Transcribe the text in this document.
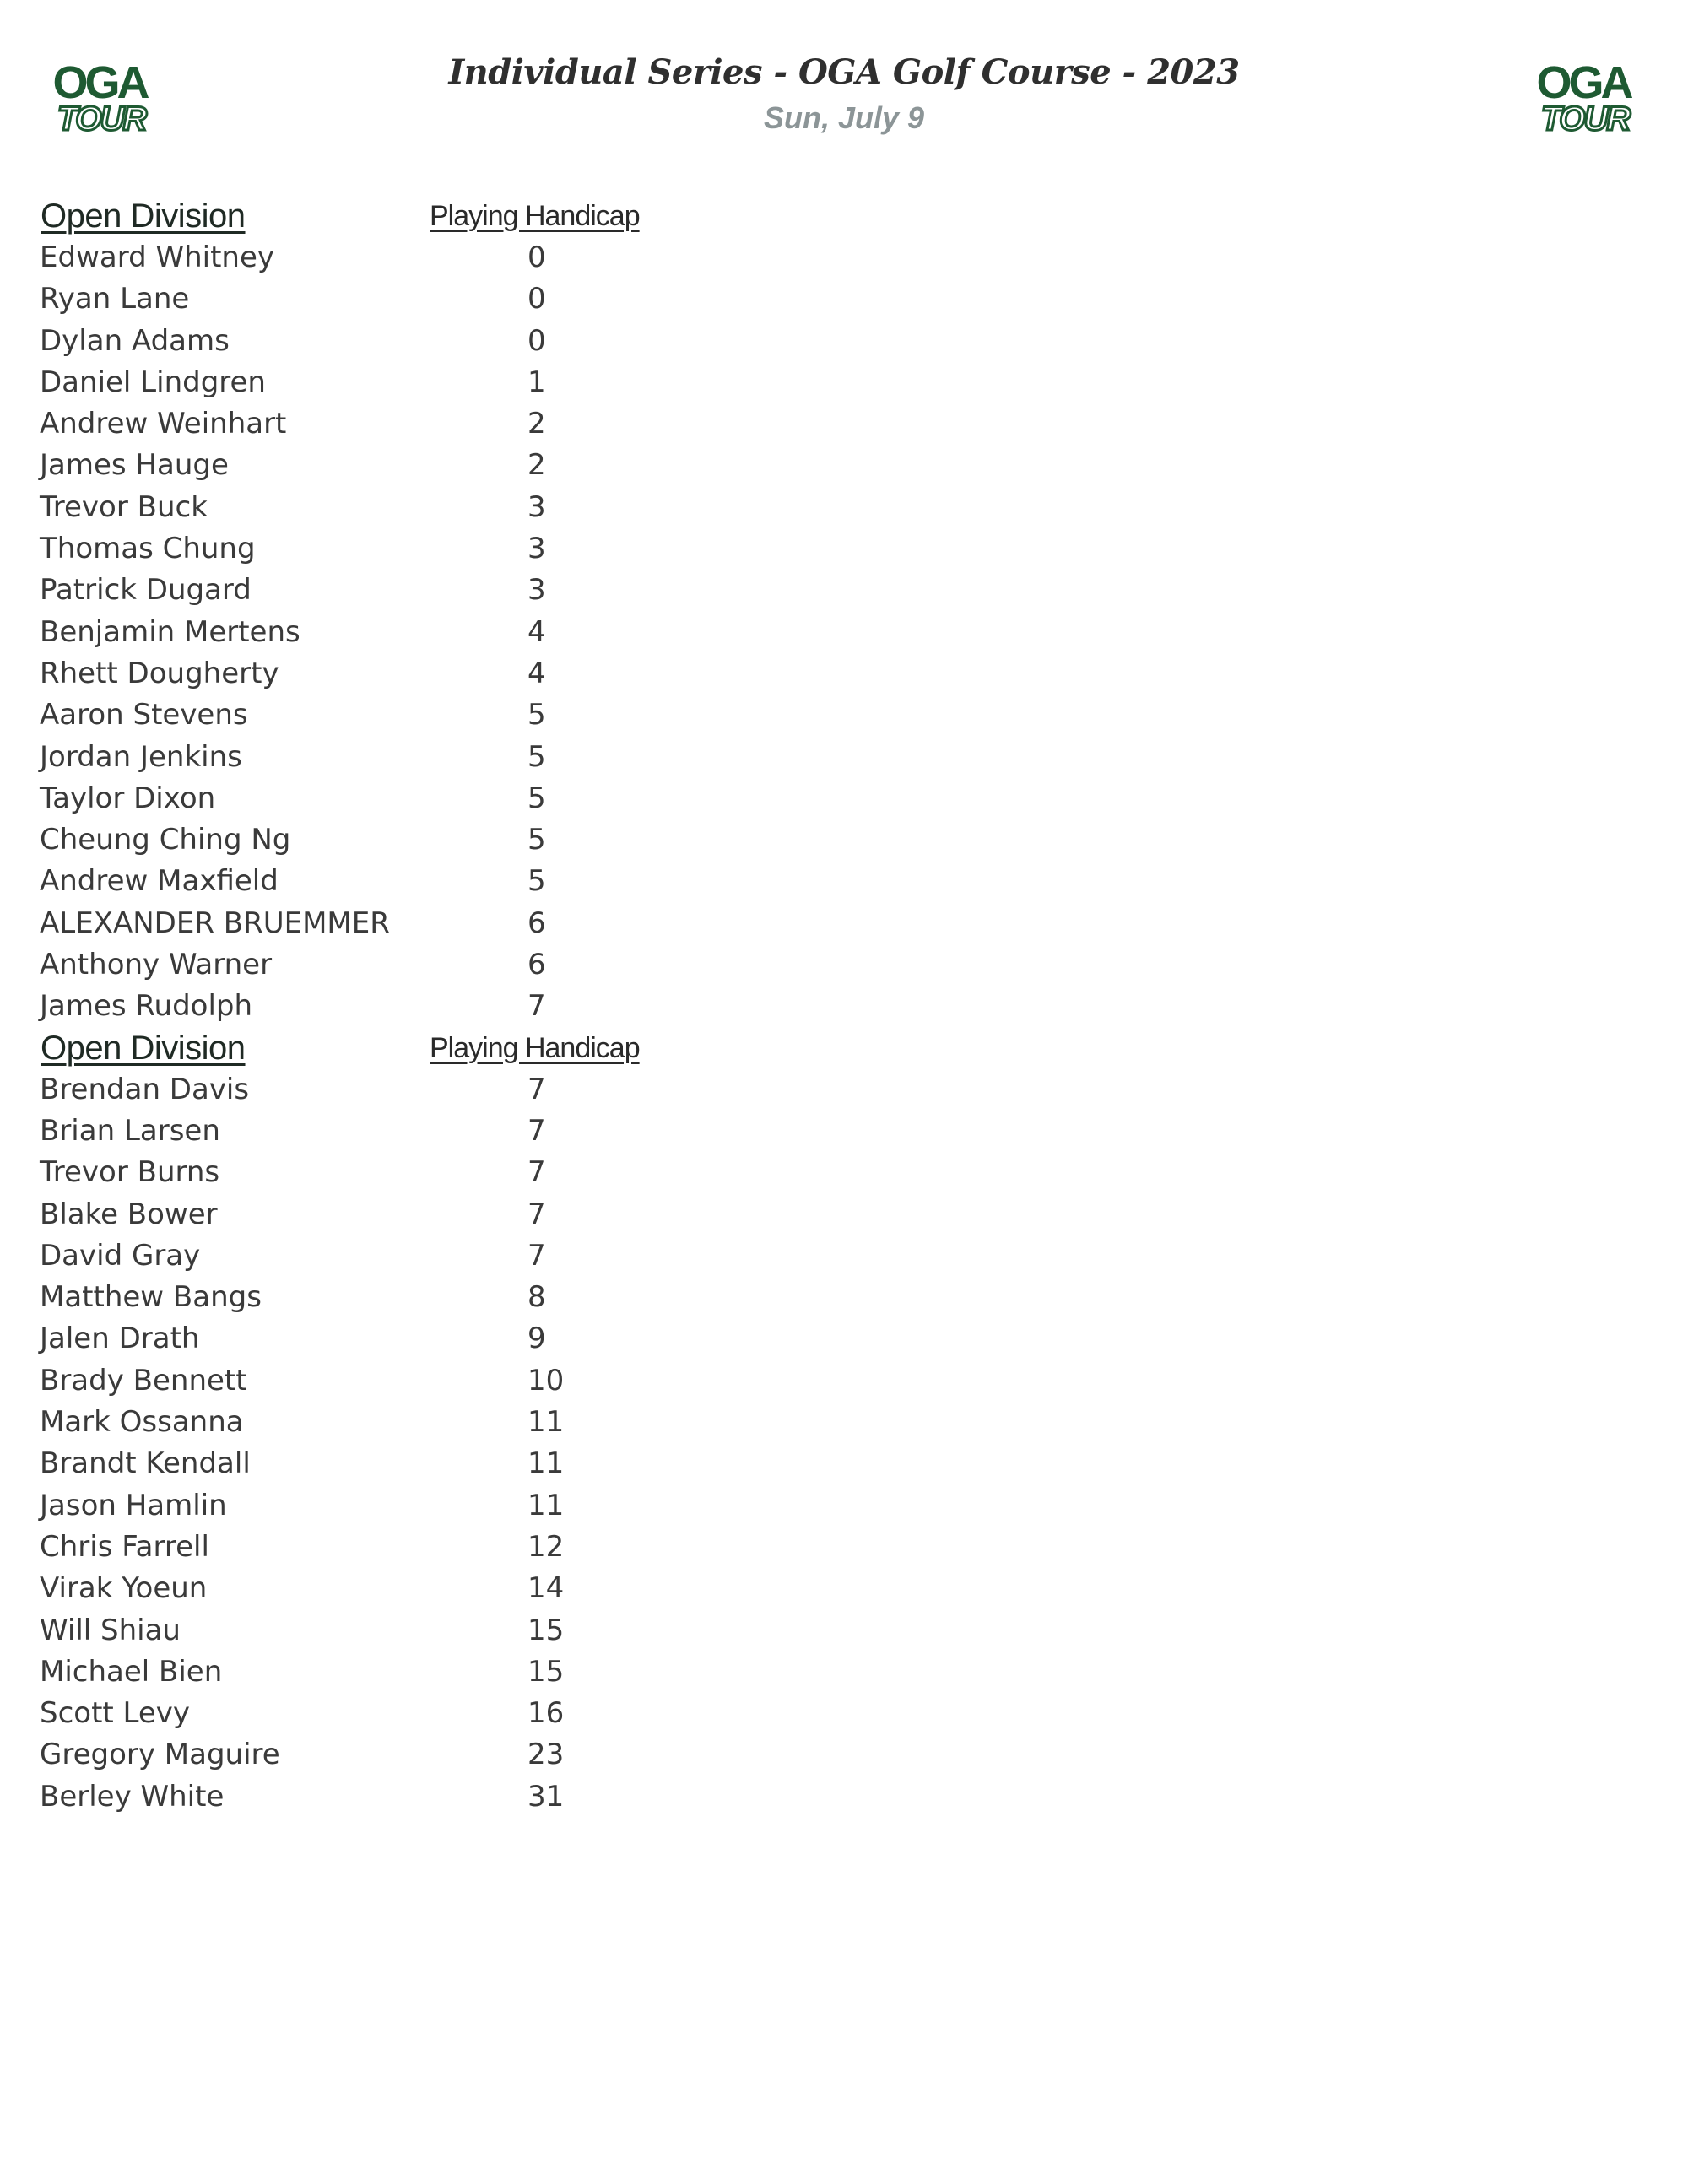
OGA
TOUR
Individual Series - OGA Golf Course - 2023
Sun, July 9
OGA
TOUR
Open Division	Playing Handicap
Edward Whitney	0
Ryan Lane	0
Dylan Adams	0
Daniel Lindgren	1
Andrew Weinhart	2
James Hauge	2
Trevor Buck	3
Thomas Chung	3
Patrick Dugard	3
Benjamin Mertens	4
Rhett Dougherty	4
Aaron Stevens	5
Jordan Jenkins	5
Taylor Dixon	5
Cheung Ching Ng	5
Andrew Maxfield	5
ALEXANDER BRUEMMER	6
Anthony Warner	6
James Rudolph	7
Open Division	Playing Handicap
Brendan Davis	7
Brian Larsen	7
Trevor Burns	7
Blake Bower	7
David Gray	7
Matthew Bangs	8
Jalen Drath	9
Brady Bennett	10
Mark Ossanna	11
Brandt Kendall	11
Jason Hamlin	11
Chris Farrell	12
Virak Yoeun	14
Will Shiau	15
Michael Bien	15
Scott Levy	16
Gregory Maguire	23
Berley White	31
